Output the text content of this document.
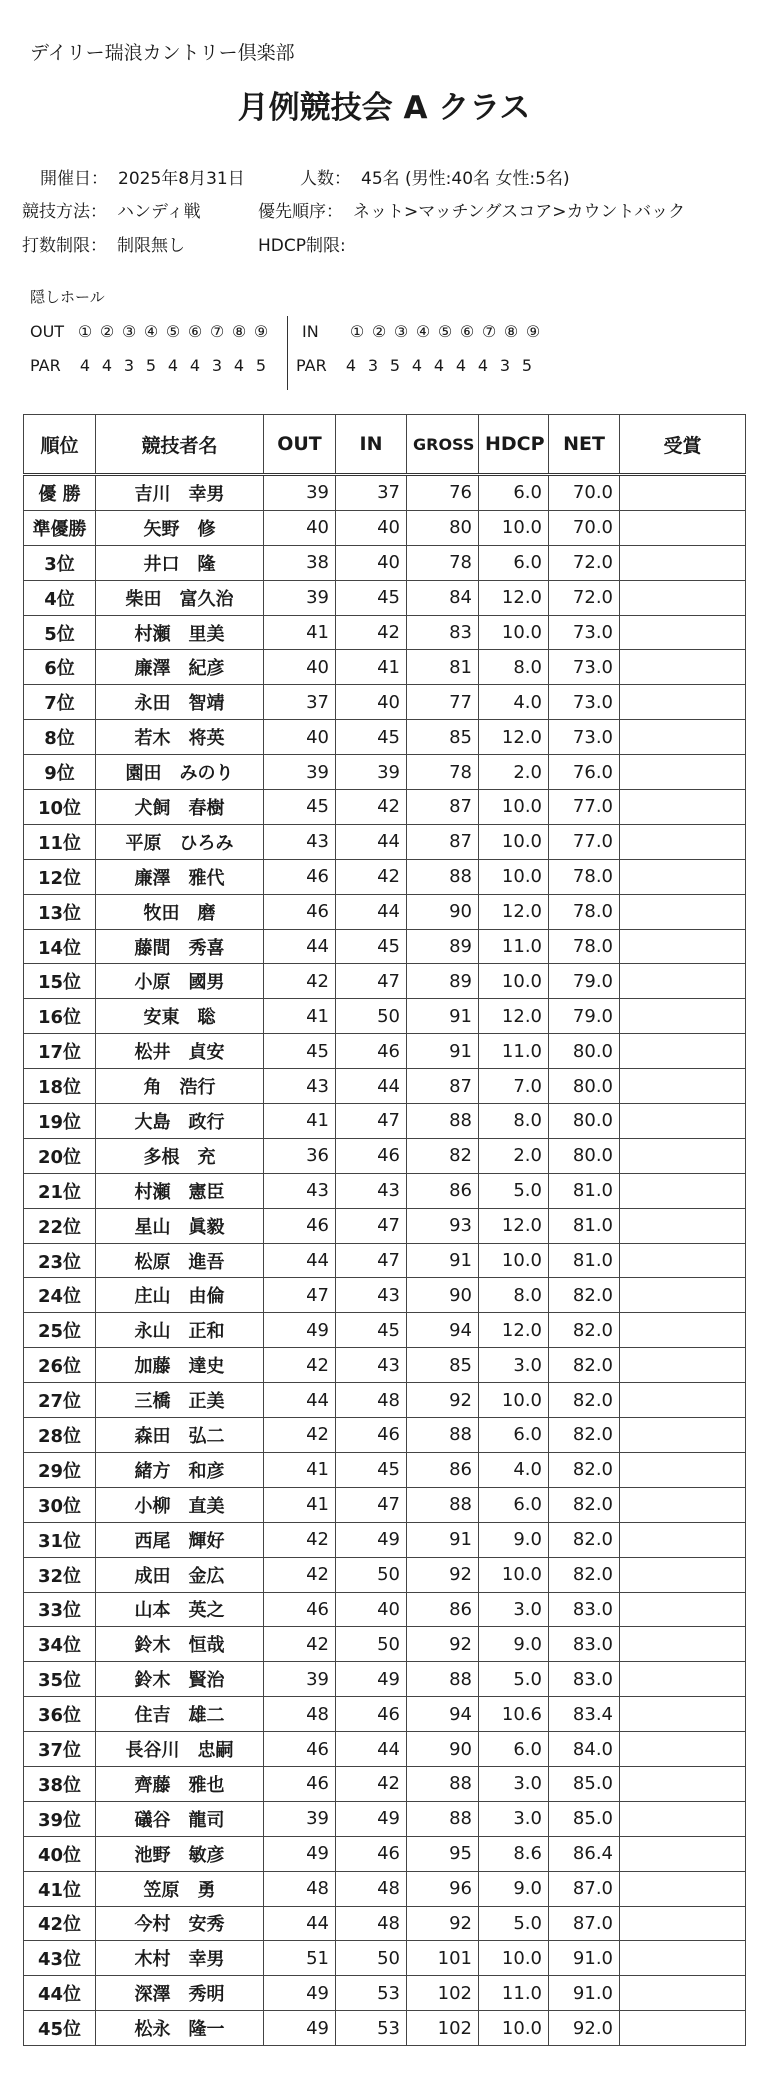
デイリー瑞浪カントリー倶楽部
月例競技会 A クラス
開催日： 2025年8月31日	人数： 45名 (男性:40名 女性:5名)
競技方法： ハンディ戦	優先順序： ネット>マッチングスコア>カウントバック
打数制限： 制限無し	HDCP制限:
隠しホール
OUT ① ② ③ ④ ⑤ ⑥ ⑦ ⑧ ⑨ IN ① ② ③ ④ ⑤ ⑥ ⑦ ⑧ ⑨
PAR 4 4 3 5 4 4 3 4 5	PAR 4 3 5 4 4 4 4 3 5
順位	競技者名	OUT	IN	GROSS	HDCP	NET	受賞
優 勝	吉川　幸男	39	37	76	6.0	70.0	
準優勝	矢野　修	40	40	80	10.0	70.0	
3位	井口　隆	38	40	78	6.0	72.0	
4位	柴田　富久治	39	45	84	12.0	72.0	
5位	村瀬　里美	41	42	83	10.0	73.0	
6位	廉澤　紀彦	40	41	81	8.0	73.0	
7位	永田　智靖	37	40	77	4.0	73.0	
8位	若木　将英	40	45	85	12.0	73.0	
9位	園田　みのり	39	39	78	2.0	76.0	
10位	犬飼　春樹	45	42	87	10.0	77.0	
11位	平原　ひろみ	43	44	87	10.0	77.0	
12位	廉澤　雅代	46	42	88	10.0	78.0	
13位	牧田　磨	46	44	90	12.0	78.0	
14位	藤間　秀喜	44	45	89	11.0	78.0	
15位	小原　國男	42	47	89	10.0	79.0	
16位	安東　聡	41	50	91	12.0	79.0	
17位	松井　貞安	45	46	91	11.0	80.0	
18位	角　浩行	43	44	87	7.0	80.0	
19位	大島　政行	41	47	88	8.0	80.0	
20位	多根　充	36	46	82	2.0	80.0	
21位	村瀬　憲臣	43	43	86	5.0	81.0	
22位	星山　眞毅	46	47	93	12.0	81.0	
23位	松原　進吾	44	47	91	10.0	81.0	
24位	庄山　由倫	47	43	90	8.0	82.0	
25位	永山　正和	49	45	94	12.0	82.0	
26位	加藤　達史	42	43	85	3.0	82.0	
27位	三橋　正美	44	48	92	10.0	82.0	
28位	森田　弘二	42	46	88	6.0	82.0	
29位	緒方　和彦	41	45	86	4.0	82.0	
30位	小柳　直美	41	47	88	6.0	82.0	
31位	西尾　輝好	42	49	91	9.0	82.0	
32位	成田　金広	42	50	92	10.0	82.0	
33位	山本　英之	46	40	86	3.0	83.0	
34位	鈴木　恒哉	42	50	92	9.0	83.0	
35位	鈴木　賢治	39	49	88	5.0	83.0	
36位	住吉　雄二	48	46	94	10.6	83.4	
37位	長谷川　忠嗣	46	44	90	6.0	84.0	
38位	齊藤　雅也	46	42	88	3.0	85.0	
39位	礒谷　龍司	39	49	88	3.0	85.0	
40位	池野　敏彦	49	46	95	8.6	86.4	
41位	笠原　勇	48	48	96	9.0	87.0	
42位	今村　安秀	44	48	92	5.0	87.0	
43位	木村　幸男	51	50	101	10.0	91.0	
44位	深澤　秀明	49	53	102	11.0	91.0	
45位	松永　隆一	49	53	102	10.0	92.0	
